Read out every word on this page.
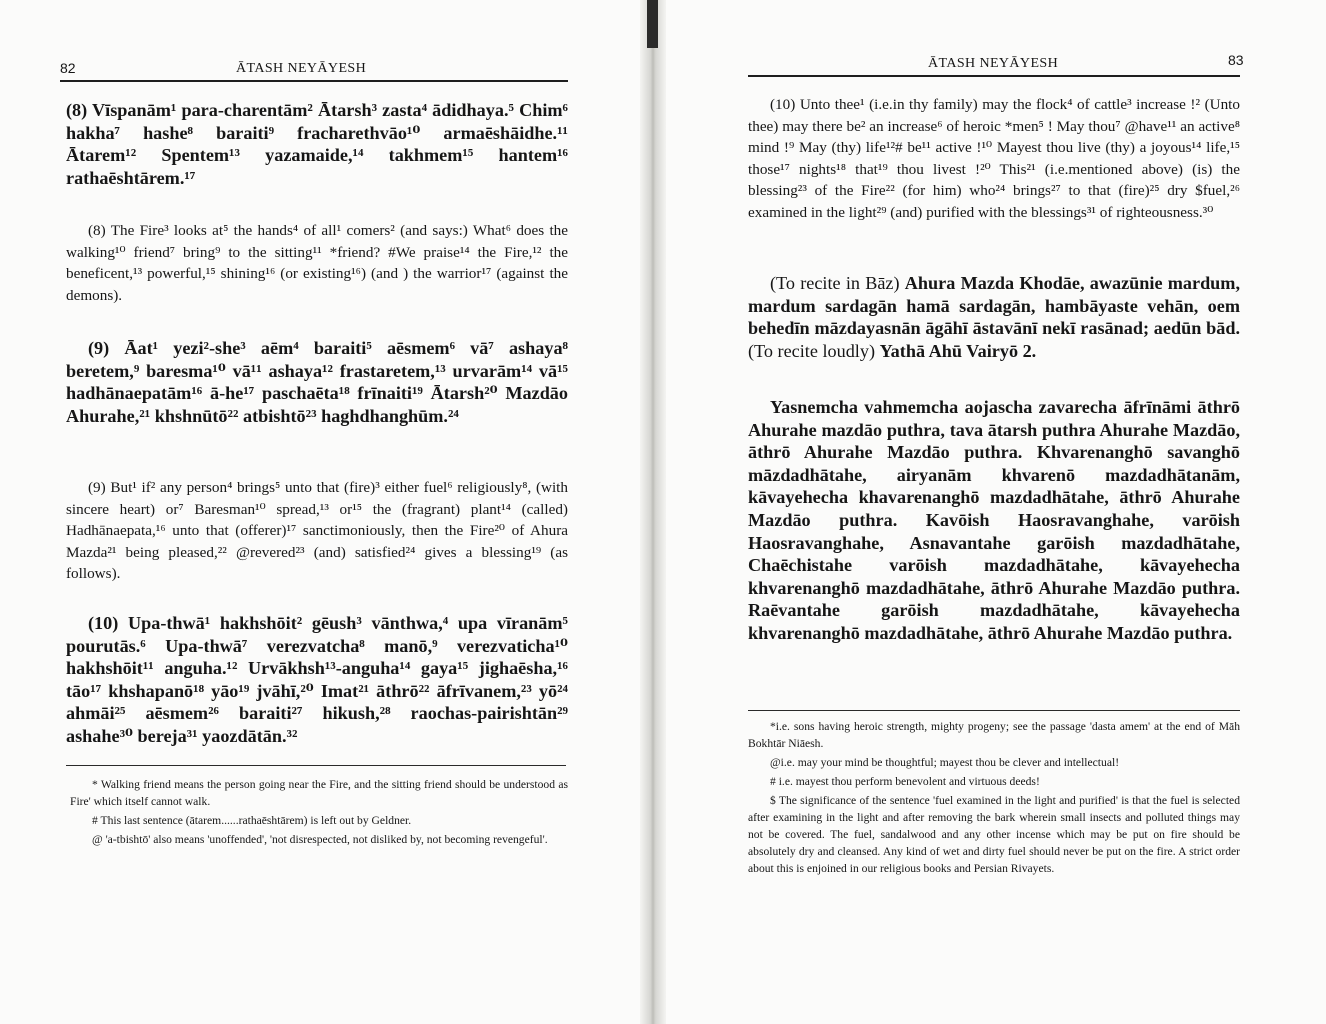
82	ĀTASH NEYĀYESH

(8) Vīspanām¹ para-charentām² Ātarsh³ zasta⁴ ādidhaya.⁵ Chim⁶ hakha⁷ hashe⁸ baraiti⁹ fracharethvāo¹⁰ armaēshāidhe.¹¹ Ātarem¹² Spentem¹³ yazamaide,¹⁴ takhmem¹⁵ hantem¹⁶ rathaēshtārem.¹⁷

(8) The Fire³ looks at⁵ the hands⁴ of all¹ comers² (and says:) What⁶ does the walking¹⁰ friend⁷ bring⁹ to the sitting¹¹ *friend? #We praise¹⁴ the Fire,¹² the beneficent,¹³ powerful,¹⁵ shining¹⁶ (or existing¹⁶) (and ) the warrior¹⁷ (against the demons).

(9) Āat¹ yezi²-she³ aēm⁴ baraiti⁵ aēsmem⁶ vā⁷ ashaya⁸ beretem,⁹ baresma¹⁰ vā¹¹ ashaya¹² frastaretem,¹³ urvarām¹⁴ vā¹⁵ hadhānaepatām¹⁶ ā-he¹⁷ paschaēta¹⁸ frīnaiti¹⁹ Ātarsh²⁰ Mazdāo Ahurahe,²¹ khshnūtō²² atbishtō²³ haghdhanghūm.²⁴

(9) But¹ if² any person⁴ brings⁵ unto that (fire)³ either fuel⁶ religiously⁸, (with sincere heart) or⁷ Baresman¹⁰ spread,¹³ or¹⁵ the (fragrant) plant¹⁴ (called) Hadhānaepata,¹⁶ unto that (offerer)¹⁷ sanctimoniously, then the Fire²⁰ of Ahura Mazda²¹ being pleased,²² @revered²³ (and) satisfied²⁴ gives a blessing¹⁹ (as follows).

(10) Upa-thwā¹ hakhshōit² gēush³ vānthwa,⁴ upa vīranām⁵ pourutās.⁶ Upa-thwā⁷ verezvatcha⁸ manō,⁹ verezvaticha¹⁰ hakhshōit¹¹ anguha.¹² Urvākhsh¹³-anguha¹⁴ gaya¹⁵ jighaēsha,¹⁶ tāo¹⁷ khshapanō¹⁸ yāo¹⁹ jvāhī,²⁰ Imat²¹ āthrō²² āfrīvanem,²³ yō²⁴ ahmāi²⁵ aēsmem²⁶ baraiti²⁷ hikush,²⁸ raochas-pairishtān²⁹ ashahe³⁰ bereja³¹ yaozdātān.³²

* Walking friend means the person going near the Fire, and the sitting friend should be understood as Fire' which itself cannot walk.

# This last sentence (ātarem......rathaēshtārem) is left out by Geldner.

@ 'a-tbishtō' also means 'unoffended', 'not disrespected, not disliked by, not becoming revengeful'.

ĀTASH NEYĀYESH	83

(10) Unto thee¹ (i.e.in thy family) may the flock⁴ of cattle³ increase !² (Unto thee) may there be² an increase⁶ of heroic *men⁵ ! May thou⁷ @have¹¹ an active⁸ mind !⁹ May (thy) life¹²# be¹¹ active !¹⁰ Mayest thou live (thy) a joyous¹⁴ life,¹⁵ those¹⁷ nights¹⁸ that¹⁹ thou livest !²⁰ This²¹ (i.e.mentioned above) (is) the blessing²³ of the Fire²² (for him) who²⁴ brings²⁷ to that (fire)²⁵ dry $fuel,²⁶ examined in the light²⁹ (and) purified with the blessings³¹ of righteousness.³⁰

(To recite in Bāz) Ahura Mazda Khodāe, awazūnie mardum, mardum sardagān hamā sardagān, hambāyaste vehān, oem behedīn māzdayasnān āgāhī āstavānī nekī rasānad; aedūn bād. (To recite loudly) Yathā Ahū Vairyō 2.

Yasnemcha vahmemcha aojascha zavarecha āfrīnāmi āthrō Ahurahe mazdāo puthra, tava ātarsh puthra Ahurahe Mazdāo, āthrō Ahurahe Mazdāo puthra. Khvarenanghō savanghō māzdadhātahe, airyanām khvarenō mazdadhātanām, kāvayehecha khavarenanghō mazdadhātahe, āthrō Ahurahe Mazdāo puthra. Kavōish Haosravanghahe, varōish Haosravanghahe, Asnavantahe garōish mazdadhātahe, Chaēchistahe varōish mazdadhātahe, kāvayehecha khvarenanghō mazdadhātahe, āthrō Ahurahe Mazdāo puthra. Raēvantahe garōish mazdadhātahe, kāvayehecha khvarenanghō mazdadhātahe, āthrō Ahurahe Mazdāo puthra.

*i.e. sons having heroic strength, mighty progeny; see the passage 'dasta amem' at the end of Māh Bokhtār Niāesh.

@i.e. may your mind be thoughtful; mayest thou be clever and intellectual!

# i.e. mayest thou perform benevolent and virtuous deeds!

$ The significance of the sentence 'fuel examined in the light and purified' is that the fuel is selected after examining in the light and after removing the bark wherein small insects and polluted things may not be covered. The fuel, sandalwood and any other incense which may be put on fire should be absolutely dry and cleansed. Any kind of wet and dirty fuel should never be put on the fire. A strict order about this is enjoined in our religious books and Persian Rivayets.
